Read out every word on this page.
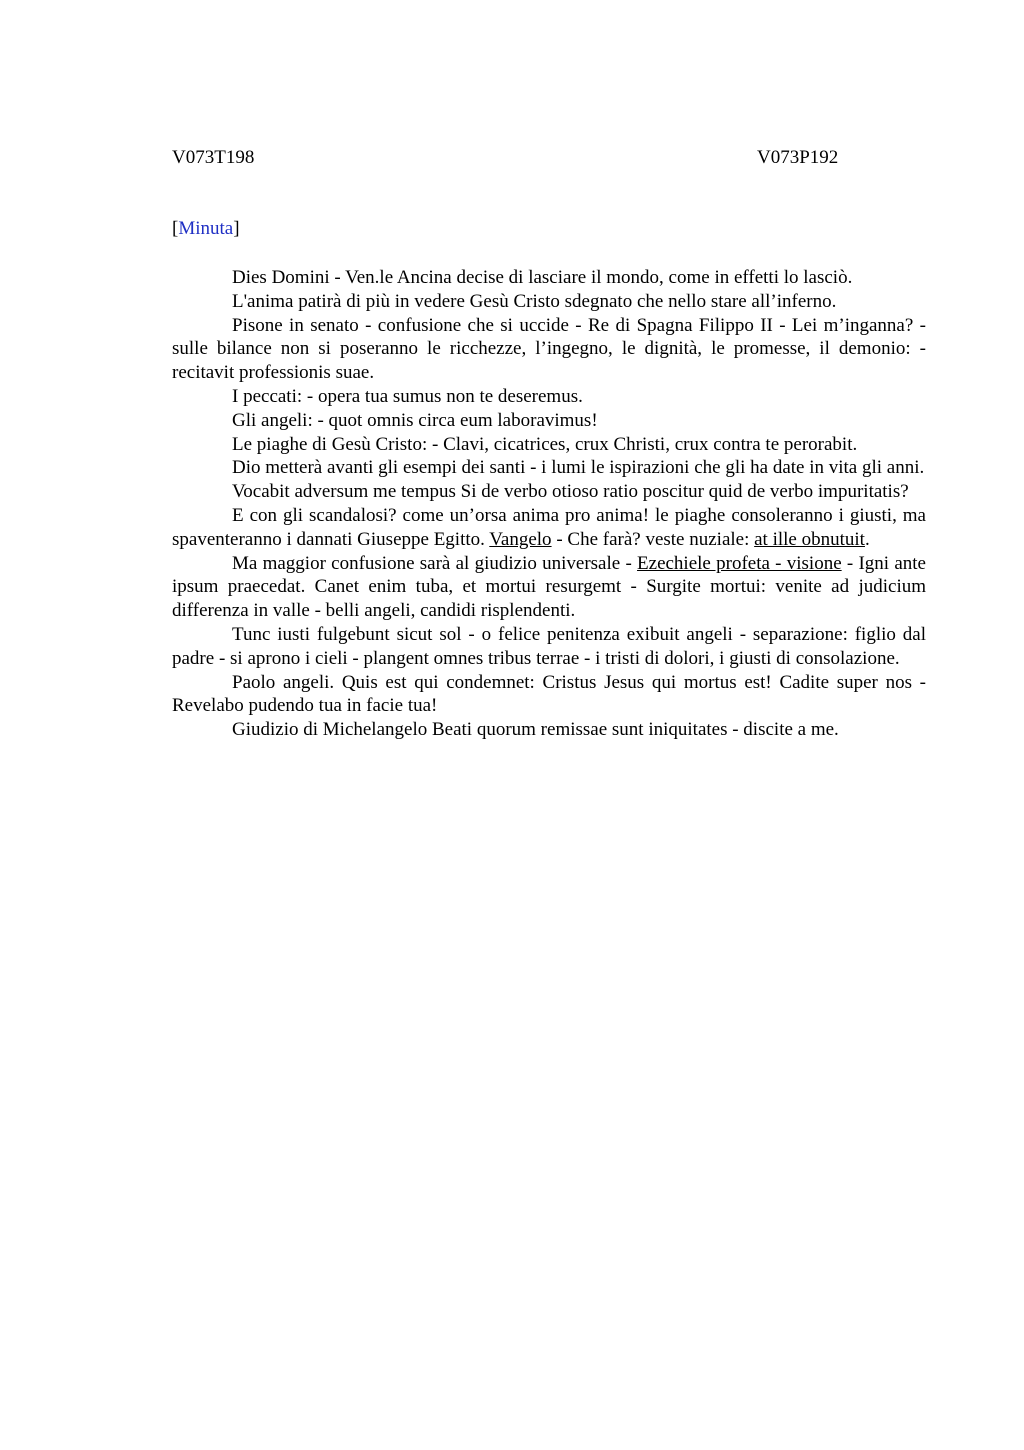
V073T198	V073P192
[Minuta]

Dies Domini - Ven.le Ancina decise di lasciare il mondo, come in effetti lo lasciò.

L'anima patirà di più in vedere Gesù Cristo sdegnato che nello stare all’inferno.

Pisone in senato - confusione che si uccide - Re di Spagna Filippo II - Lei m’inganna? - sulle bilance non si poseranno le ricchezze, l’ingegno, le dignità, le promesse, il demonio: - recitavit professionis suae.

I peccati: - opera tua sumus non te deseremus.

Gli angeli: - quot omnis circa eum laboravimus!

Le piaghe di Gesù Cristo: - Clavi, cicatrices, crux Christi, crux contra te perorabit.

Dio metterà avanti gli esempi dei santi - i lumi le ispirazioni che gli ha date in vita gli anni.

Vocabit adversum me tempus Si de verbo otioso ratio poscitur quid de verbo impuritatis?

E con gli scandalosi? come un’orsa anima pro anima! le piaghe consoleranno i giusti, ma spaventeranno i dannati Giuseppe Egitto. Vangelo - Che farà? veste nuziale: at ille obnutuit.

Ma maggior confusione sarà al giudizio universale - Ezechiele profeta - visione - Igni ante ipsum praecedat. Canet enim tuba, et mortui resurgemt - Surgite mortui: venite ad judicium differenza in valle - belli angeli, candidi risplendenti.

Tunc iusti fulgebunt sicut sol - o felice penitenza exibuit angeli - separazione: figlio dal padre - si aprono i cieli - plangent omnes tribus terrae - i tristi di dolori, i giusti di consolazione.

Paolo angeli. Quis est qui condemnet: Cristus Jesus qui mortus est! Cadite super nos - Revelabo pudendo tua in facie tua!

Giudizio di Michelangelo Beati quorum remissae sunt iniquitates - discite a me.
